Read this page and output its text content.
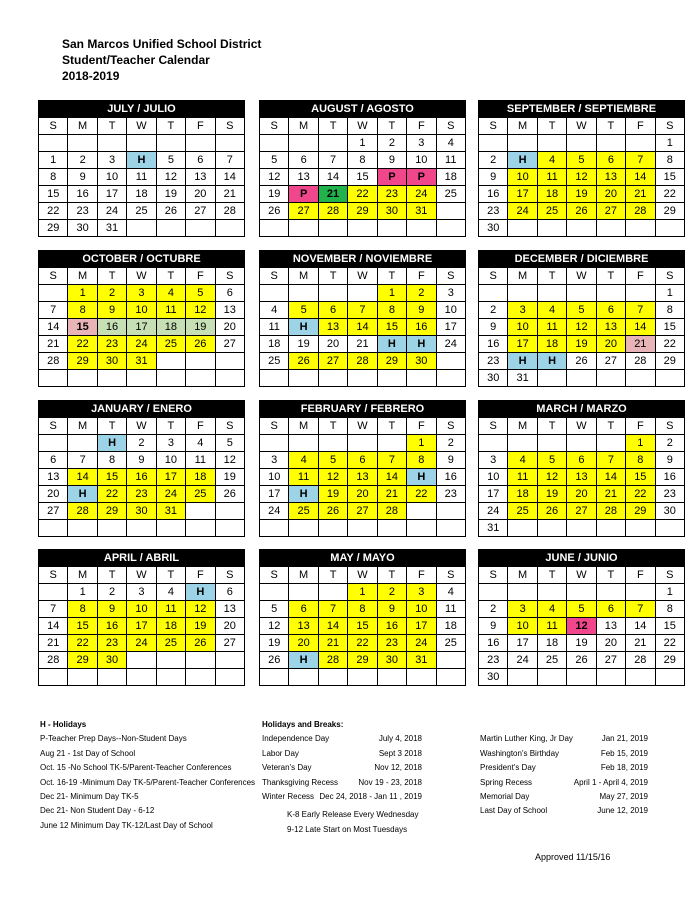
San Marcos Unified School District
Student/Teacher Calendar
2018-2019
JULY / JULIO
S	M	T	W	T	F	S

1	2	3	H	5	6	7
8	9	10	11	12	13	14
15	16	17	18	19	20	21
22	23	24	25	26	27	28
29	30	31				
AUGUST / AGOSTO
S	M	T	W	T	F	S
			1	2	3	4
5	6	7	8	9	10	11
12	13	14	15	P	P	18
19	P	21	22	23	24	25
26	27	28	29	30	31	

SEPTEMBER / SEPTIEMBRE
S	M	T	W	T	F	S
						1
2	H	4	5	6	7	8
9	10	11	12	13	14	15
16	17	18	19	20	21	22
23	24	25	26	27	28	29
30						
OCTOBER / OCTUBRE
S	M	T	W	T	F	S
	1	2	3	4	5	6
7	8	9	10	11	12	13
14	15	16	17	18	19	20
21	22	23	24	25	26	27
28	29	30	31			

NOVEMBER / NOVIEMBRE
S	M	T	W	T	F	S
				1	2	3
4	5	6	7	8	9	10
11	H	13	14	15	16	17
18	19	20	21	H	H	24
25	26	27	28	29	30	

DECEMBER / DICIEMBRE
S	M	T	W	T	F	S
						1
2	3	4	5	6	7	8
9	10	11	12	13	14	15
16	17	18	19	20	21	22
23	H	H	26	27	28	29
30	31					
JANUARY / ENERO
S	M	T	W	T	F	S
		H	2	3	4	5
6	7	8	9	10	11	12
13	14	15	16	17	18	19
20	H	22	23	24	25	26
27	28	29	30	31		

FEBRUARY / FEBRERO
S	M	T	W	T	F	S
					1	2
3	4	5	6	7	8	9
10	11	12	13	14	H	16
17	H	19	20	21	22	23
24	25	26	27	28		

MARCH / MARZO
S	M	T	W	T	F	S
					1	2
3	4	5	6	7	8	9
10	11	12	13	14	15	16
17	18	19	20	21	22	23
24	25	26	27	28	29	30
31						
APRIL / ABRIL
S	M	T	W	T	F	S
	1	2	3	4	H	6
7	8	9	10	11	12	13
14	15	16	17	18	19	20
21	22	23	24	25	26	27
28	29	30				

MAY / MAYO
S	M	T	W	T	F	S
			1	2	3	4
5	6	7	8	9	10	11
12	13	14	15	16	17	18
19	20	21	22	23	24	25
26	H	28	29	30	31	

JUNE / JUNIO
S	M	T	W	T	F	S
						1
2	3	4	5	6	7	8
9	10	11	12	13	14	15
16	17	18	19	20	21	22
23	24	25	26	27	28	29
30						
H - Holidays
P-Teacher Prep Days--Non-Student Days
Aug 21 - 1st Day of School
Oct. 15 -No School TK-5/Parent-Teacher Conferences
Oct. 16-19 -Minimum Day TK-5/Parent-Teacher Conferences
Dec 21- Minimum Day TK-5
Dec 21- Non Student Day - 6-12
June 12 Minimum Day TK-12/Last Day of School
Holidays and Breaks:
Independence Day	July 4, 2018
Labor Day	Sept 3 2018
Veteran's Day	Nov 12, 2018
Thanksgiving Recess	Nov 19 - 23, 2018
Winter Recess Dec 24, 2018 - Jan 11 , 2019
K-8 Early Release Every Wednesday
9-12 Late Start on Most Tuesdays
Martin Luther King, Jr Day	Jan 21, 2019
Washington's Birthday	Feb 15, 2019
President's Day	Feb 18, 2019
Spring Recess	April 1 - April 4, 2019
Memorial Day	May 27, 2019
Last Day of School	June 12, 2019
Approved 11/15/16
